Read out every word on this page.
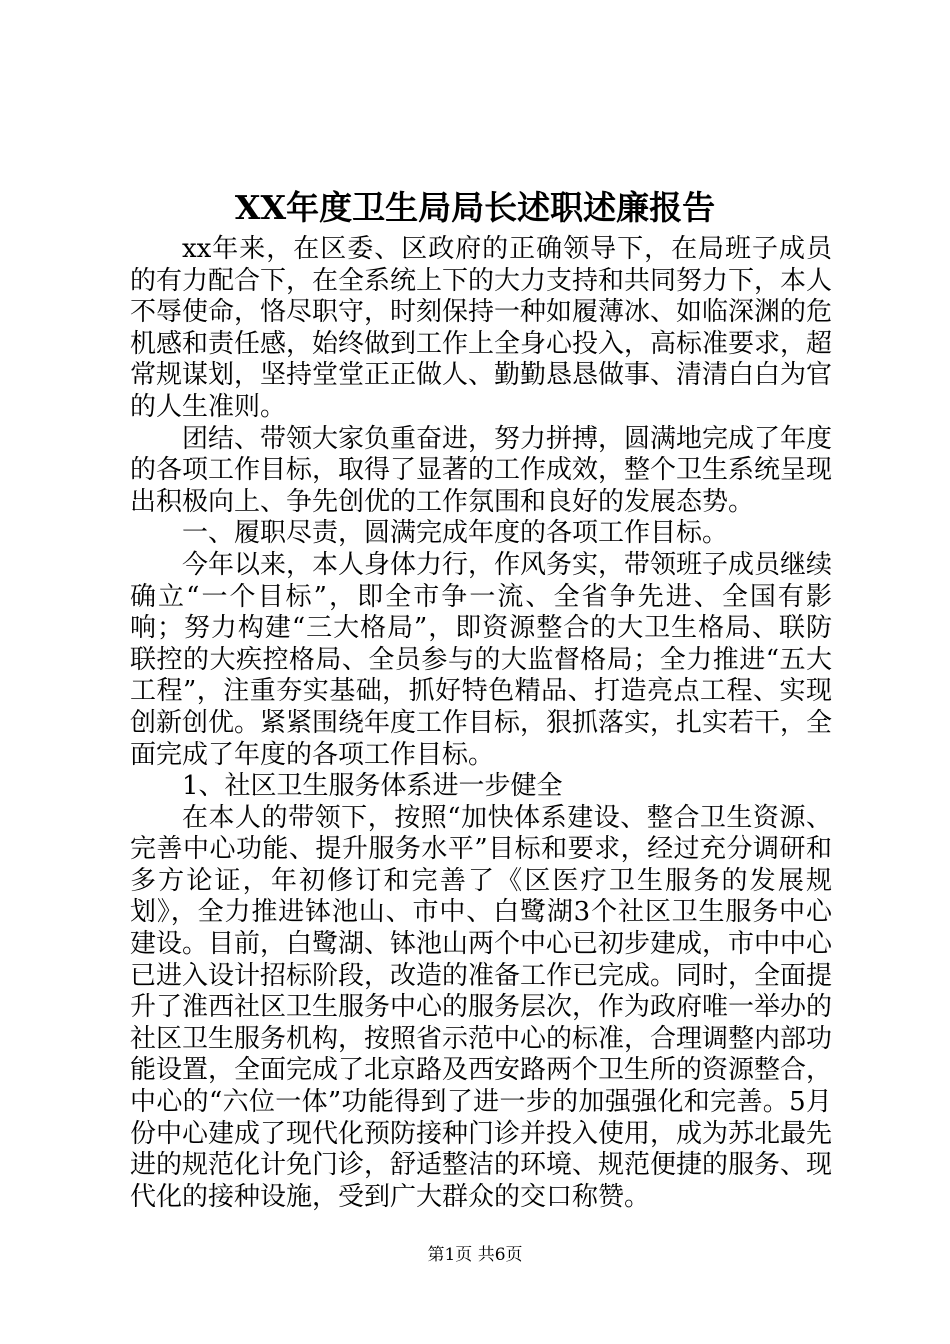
XX年度卫生局局长述职述廉报告

xx年来，在区委、区政府的正确领导下，在局班子成员的有力配合下，在全系统上下的大力支持和共同努力下，本人不辱使命，恪尽职守，时刻保持一种如履薄冰、如临深渊的危机感和责任感，始终做到工作上全身心投入，高标准要求，超常规谋划，坚持堂堂正正做人、勤勤恳恳做事、清清白白为官的人生准则。

团结、带领大家负重奋进，努力拼搏，圆满地完成了年度的各项工作目标，取得了显著的工作成效，整个卫生系统呈现出积极向上、争先创优的工作氛围和良好的发展态势。

一、履职尽责，圆满完成年度的各项工作目标。

今年以来，本人身体力行，作风务实，带领班子成员继续确立“一个目标”，即全市争一流、全省争先进、全国有影响；努力构建“三大格局”，即资源整合的大卫生格局、联防联控的大疾控格局、全员参与的大监督格局；全力推进“五大工程”，注重夯实基础，抓好特色精品、打造亮点工程、实现创新创优。紧紧围绕年度工作目标，狠抓落实，扎实若干，全面完成了年度的各项工作目标。

1、社区卫生服务体系进一步健全

在本人的带领下，按照“加快体系建设、整合卫生资源、完善中心功能、提升服务水平”目标和要求，经过充分调研和多方论证，年初修订和完善了《区医疗卫生服务的发展规划》，全力推进钵池山、市中、白鹭湖3个社区卫生服务中心建设。目前，白鹭湖、钵池山两个中心已初步建成，市中中心已进入设计招标阶段，改造的准备工作已完成。同时，全面提升了淮西社区卫生服务中心的服务层次，作为政府唯一举办的社区卫生服务机构，按照省示范中心的标准，合理调整内部功能设置，全面完成了北京路及西安路两个卫生所的资源整合，中心的“六位一体”功能得到了进一步的加强强化和完善。5月份中心建成了现代化预防接种门诊并投入使用，成为苏北最先进的规范化计免门诊，舒适整洁的环境、规范便捷的服务、现代化的接种设施，受到广大群众的交口称赞。

第1页 共6页
